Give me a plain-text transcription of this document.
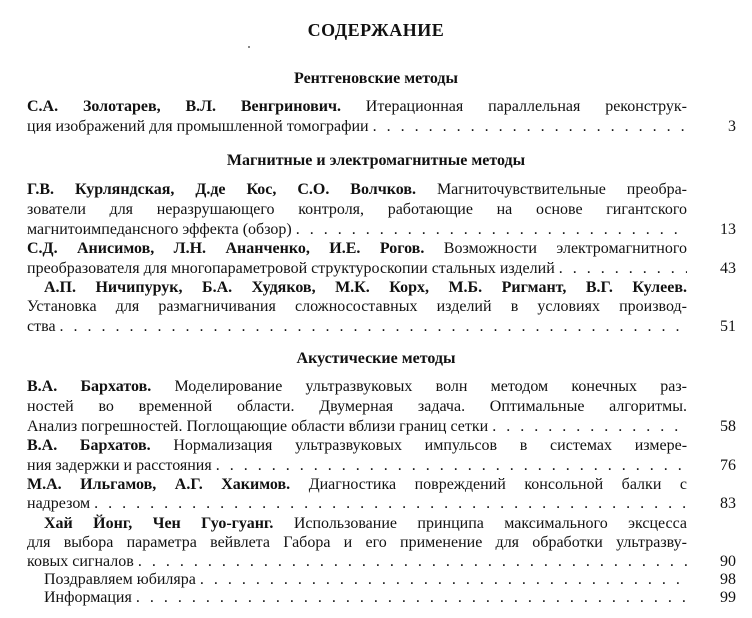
СОДЕРЖАНИЕ
Рентгеновские методы
С.А. Золотарев, В.Л. Венгринович. Итерационная параллельная реконструк-
ция изображений для промышленной томографии . . .	3
Магнитные и электромагнитные методы
Г.В. Курляндская, Д.де Кос, С.О. Волчков. Магниточувствительные преобра-
зователи для неразрушающего контроля, работающие на основе гигантского
магнитоимпедансного эффекта (обзор) . . .	13
С.Д. Анисимов, Л.Н. Ананченко, И.Е. Рогов. Возможности электромагнитного
преобразователя для многопараметровой структуроскопии стальных изделий . . .	43
А.П. Ничипурук, Б.А. Худяков, М.К. Корх, М.Б. Ригмант, В.Г. Кулеев.
Установка для размагничивания сложносоставных изделий в условиях производ-
ства . . .	51
Акустические методы
В.А. Бархатов. Моделирование ультразвуковых волн методом конечных раз-
ностей во временной области. Двумерная задача. Оптимальные алгоритмы.
Анализ погрешностей. Поглощающие области вблизи границ сетки . . .	58
В.А. Бархатов. Нормализация ультразвуковых импульсов в системах измере-
ния задержки и расстояния . . .	76
М.А. Ильгамов, А.Г. Хакимов. Диагностика повреждений консольной балки с
надрезом . . .	83
Хай Йонг, Чен Гуо-гуанг. Использование принципа максимального эксцесса
для выбора параметра вейвлета Габора и его применение для обработки ультразву-
ковых сигналов . . .	90
Поздравляем юбиляра . . .	98
Информация . . .	99
